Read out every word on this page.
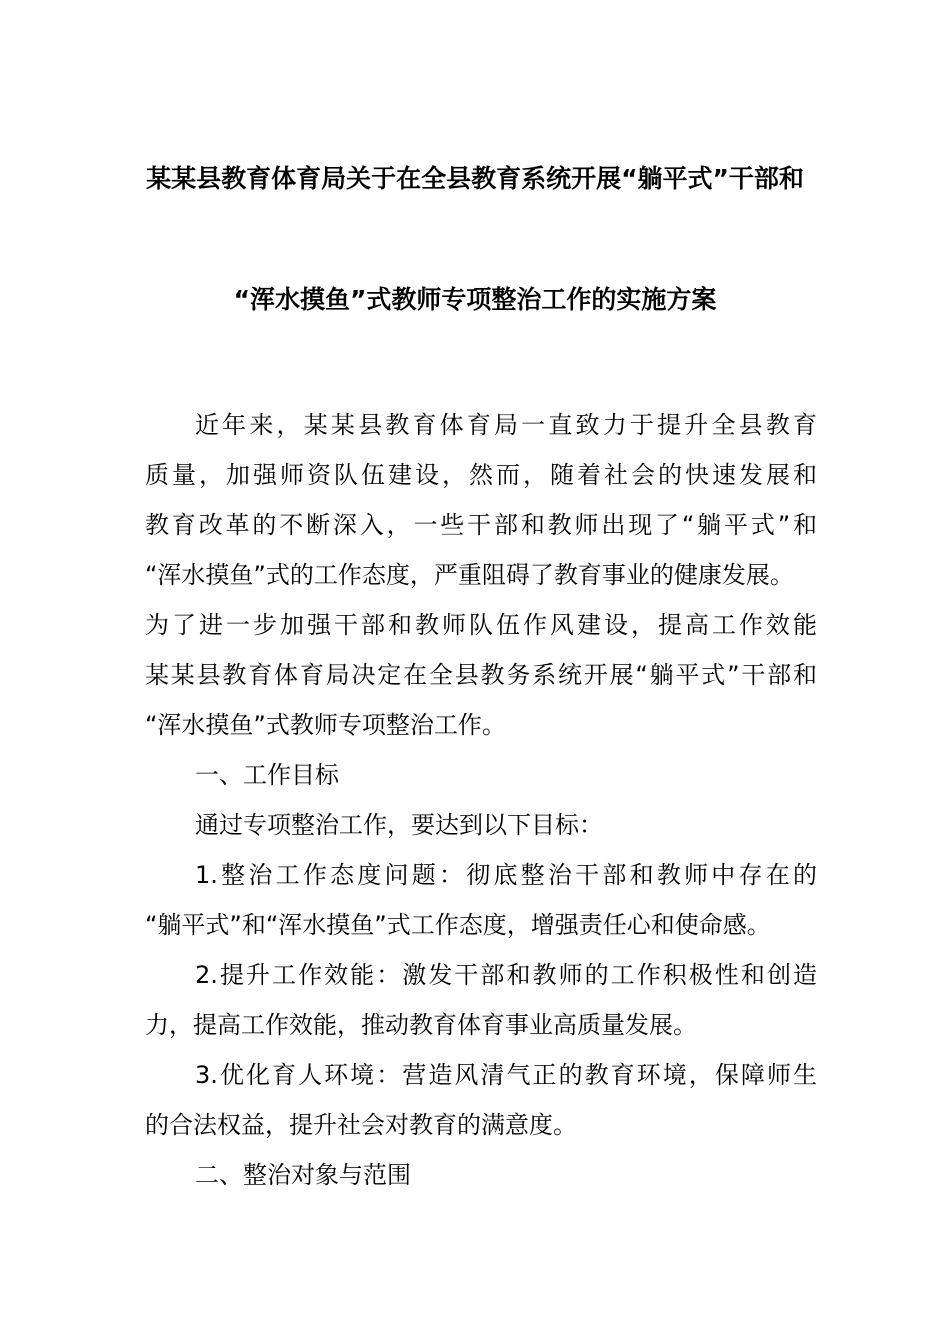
某某县教育体育局关于在全县教育系统开展“躺平式”干部和
“浑水摸鱼”式教师专项整治工作的实施方案
近年来，某某县教育体育局一直致力于提升全县教育
质量，加强师资队伍建设，然而，随着社会的快速发展和
教育改革的不断深入，一些干部和教师出现了“躺平式”和
“浑水摸鱼”式的工作态度，严重阻碍了教育事业的健康发展。
为了进一步加强干部和教师队伍作风建设，提高工作效能
某某县教育体育局决定在全县教务系统开展“躺平式”干部和
“浑水摸鱼”式教师专项整治工作。
一、工作目标
通过专项整治工作，要达到以下目标：
1.整治工作态度问题：彻底整治干部和教师中存在的
“躺平式”和“浑水摸鱼”式工作态度，增强责任心和使命感。
2.提升工作效能：激发干部和教师的工作积极性和创造
力，提高工作效能，推动教育体育事业高质量发展。
3.优化育人环境：营造风清气正的教育环境，保障师生
的合法权益，提升社会对教育的满意度。
二、整治对象与范围
